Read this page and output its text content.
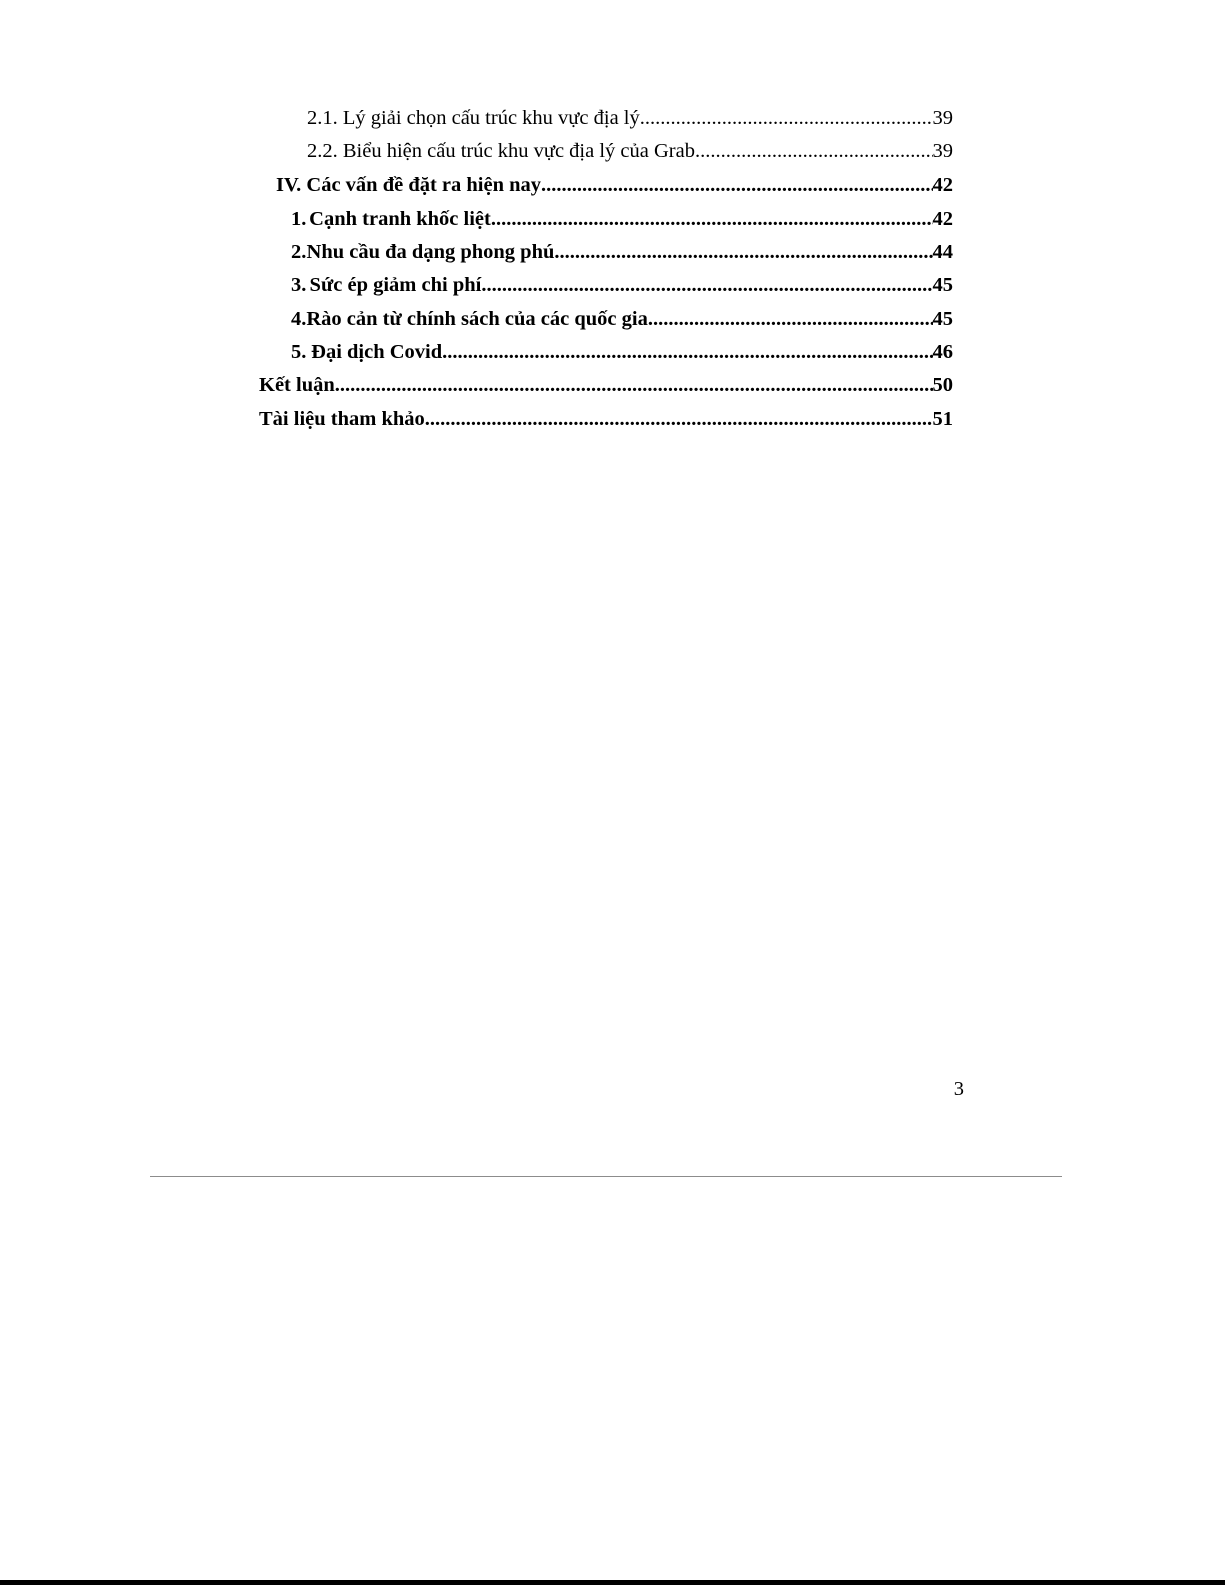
2.1. Lý giải chọn cấu trúc khu vực địa lý .....	39
2.2. Biểu hiện cấu trúc khu vực địa lý của Grab .....	39
IV. Các vấn đề đặt ra hiện nay .....	42
1. Cạnh tranh khốc liệt .....	42
2. Nhu cầu đa dạng phong phú .....	44
3. Sức ép giảm chi phí .....	45
4. Rào cản từ chính sách của các quốc gia .....	45
5. Đại dịch Covid .....	46
Kết luận .....	50
Tài liệu tham khảo .....	51
3
